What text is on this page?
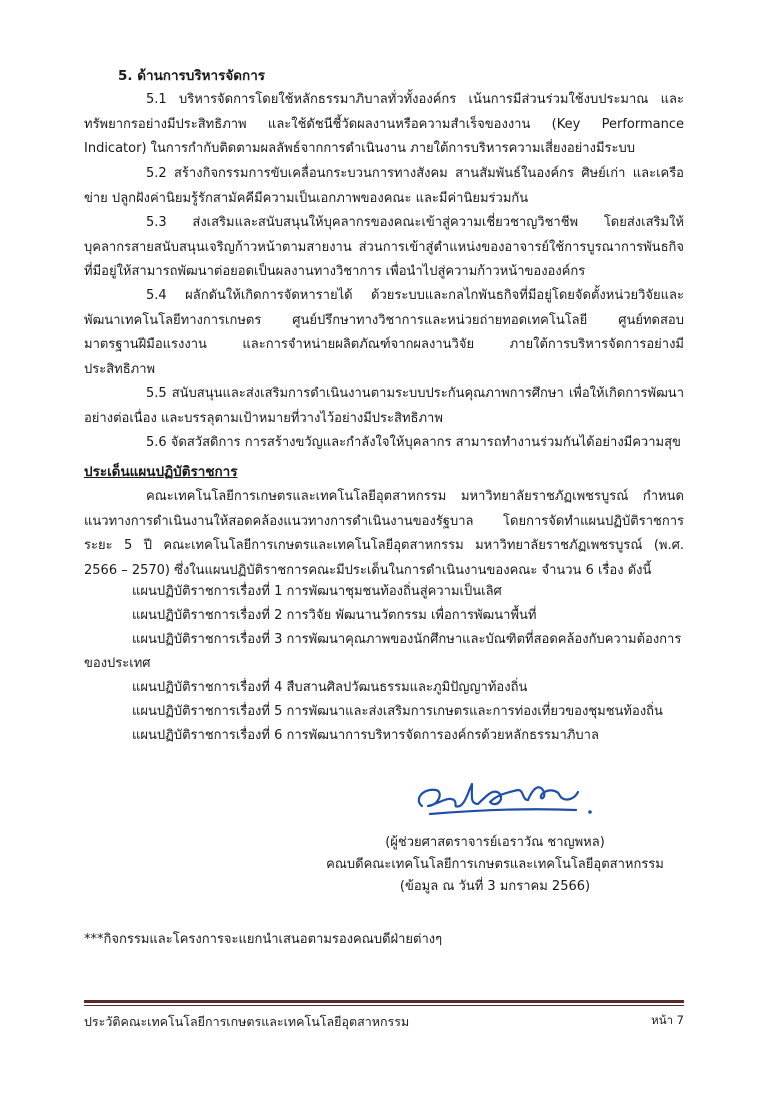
5. ด้านการบริหารจัดการ

5.1 บริหารจัดการโดยใช้หลักธรรมาภิบาลทั่วทั้งองค์กร เน้นการมีส่วนร่วมใช้งบประมาณ และทรัพยากรอย่างมีประสิทธิภาพ และใช้ดัชนีชี้วัดผลงานหรือความสำเร็จของงาน (Key Performance Indicator) ในการกำกับติดตามผลลัพธ์จากการดำเนินงาน ภายใต้การบริหารความเสี่ยงอย่างมีระบบ

5.2 สร้างกิจกรรมการขับเคลื่อนกระบวนการทางสังคม สานสัมพันธ์ในองค์กร ศิษย์เก่า และเครือข่าย ปลูกฝังค่านิยมรู้รักสามัคคีมีความเป็นเอกภาพของคณะ และมีค่านิยมร่วมกัน

5.3 ส่งเสริมและสนับสนุนให้บุคลากรของคณะเข้าสู่ความเชี่ยวชาญวิชาชีพ โดยส่งเสริมให้บุคลากรสายสนับสนุนเจริญก้าวหน้าตามสายงาน ส่วนการเข้าสู่ตำแหน่งของอาจารย์ใช้การบูรณาการพันธกิจที่มีอยู่ให้สามารถพัฒนาต่อยอดเป็นผลงานทางวิชาการ เพื่อนำไปสู่ความก้าวหน้าขององค์กร

5.4 ผลักดันให้เกิดการจัดหารายได้ ด้วยระบบและกลไกพันธกิจที่มีอยู่โดยจัดตั้งหน่วยวิจัยและพัฒนาเทคโนโลยีทางการเกษตร ศูนย์ปรึกษาทางวิชาการและหน่วยถ่ายทอดเทคโนโลยี ศูนย์ทดสอบมาตรฐานฝีมือแรงงาน และการจำหน่ายผลิตภัณฑ์จากผลงานวิจัย ภายใต้การบริหารจัดการอย่างมีประสิทธิภาพ

5.5 สนับสนุนและส่งเสริมการดำเนินงานตามระบบประกันคุณภาพการศึกษา เพื่อให้เกิดการพัฒนาอย่างต่อเนื่อง และบรรลุตามเป้าหมายที่วางไว้อย่างมีประสิทธิภาพ

5.6 จัดสวัสดิการ การสร้างขวัญและกำลังใจให้บุคลากร สามารถทำงานร่วมกันได้อย่างมีความสุข

ประเด็นแผนปฏิบัติราชการ

คณะเทคโนโลยีการเกษตรและเทคโนโลยีอุตสาหกรรม มหาวิทยาลัยราชภัฏเพชรบูรณ์ กำหนดแนวทางการดำเนินงานให้สอดคล้องแนวทางการดำเนินงานของรัฐบาล โดยการจัดทำแผนปฏิบัติราชการระยะ 5 ปี คณะเทคโนโลยีการเกษตรและเทคโนโลยีอุตสาหกรรม มหาวิทยาลัยราชภัฏเพชรบูรณ์ (พ.ศ. 2566 – 2570) ซึ่งในแผนปฏิบัติราชการคณะมีประเด็นในการดำเนินงานของคณะ จำนวน 6 เรื่อง ดังนี้

แผนปฏิบัติราชการเรื่องที่ 1 การพัฒนาชุมชนท้องถิ่นสู่ความเป็นเลิศ

แผนปฏิบัติราชการเรื่องที่ 2 การวิจัย พัฒนานวัตกรรม เพื่อการพัฒนาพื้นที่

แผนปฏิบัติราชการเรื่องที่ 3 การพัฒนาคุณภาพของนักศึกษาและบัณฑิตที่สอดคล้องกับความต้องการของประเทศ

แผนปฏิบัติราชการเรื่องที่ 4 สืบสานศิลปวัฒนธรรมและภูมิปัญญาท้องถิ่น

แผนปฏิบัติราชการเรื่องที่ 5 การพัฒนาและส่งเสริมการเกษตรและการท่องเที่ยวของชุมชนท้องถิ่น

แผนปฏิบัติราชการเรื่องที่ 6 การพัฒนาการบริหารจัดการองค์กรด้วยหลักธรรมาภิบาล

(ผู้ช่วยศาสตราจารย์เอราวัณ ชาญพหล)

คณบดีคณะเทคโนโลยีการเกษตรและเทคโนโลยีอุตสาหกรรม

(ข้อมูล ณ วันที่ 3 มกราคม 2566)

***กิจกรรมและโครงการจะแยกนำเสนอตามรองคณบดีฝ่ายต่างๆ

ประวัติคณะเทคโนโลยีการเกษตรและเทคโนโลยีอุตสาหกรรม	หน้า 7
